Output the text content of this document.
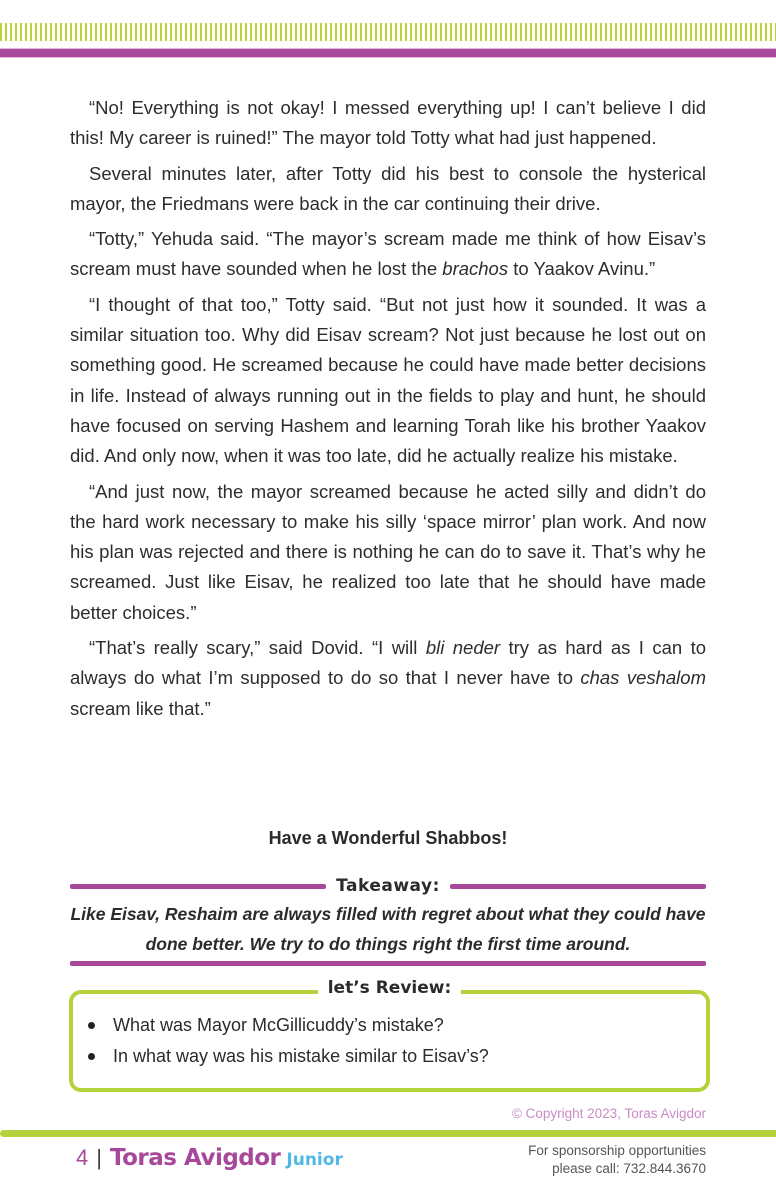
“No! Everything is not okay! I messed everything up! I can’t believe I did this! My career is ruined!” The mayor told Totty what had just happened.

Several minutes later, after Totty did his best to console the hysterical mayor, the Friedmans were back in the car continuing their drive.

“Totty,” Yehuda said. “The mayor’s scream made me think of how Eisav’s scream must have sounded when he lost the brachos to Yaakov Avinu.”

“I thought of that too,” Totty said. “But not just how it sounded. It was a similar situation too. Why did Eisav scream? Not just because he lost out on something good. He screamed because he could have made better decisions in life. Instead of always running out in the fields to play and hunt, he should have focused on serving Hashem and learning Torah like his brother Yaakov did. And only now, when it was too late, did he actually realize his mistake.

“And just now, the mayor screamed because he acted silly and didn’t do the hard work necessary to make his silly ‘space mirror’ plan work. And now his plan was rejected and there is nothing he can do to save it. That’s why he screamed. Just like Eisav, he realized too late that he should have made better choices.”

“That’s really scary,” said Dovid. “I will bli neder try as hard as I can to always do what I’m supposed to do so that I never have to chas veshalom scream like that.”

Have a Wonderful Shabbos!
Takeaway:
Like Eisav, Reshaim are always filled with regret about what they could have done better. We try to do things right the first time around.
let’s Review:
What was Mayor McGillicuddy’s mistake?
In what way was his mistake similar to Eisav’s?
© Copyright 2023, Toras Avigdor
4 | Toras Avigdor Junior	For sponsorship opportunities
please call: 732.844.3670
